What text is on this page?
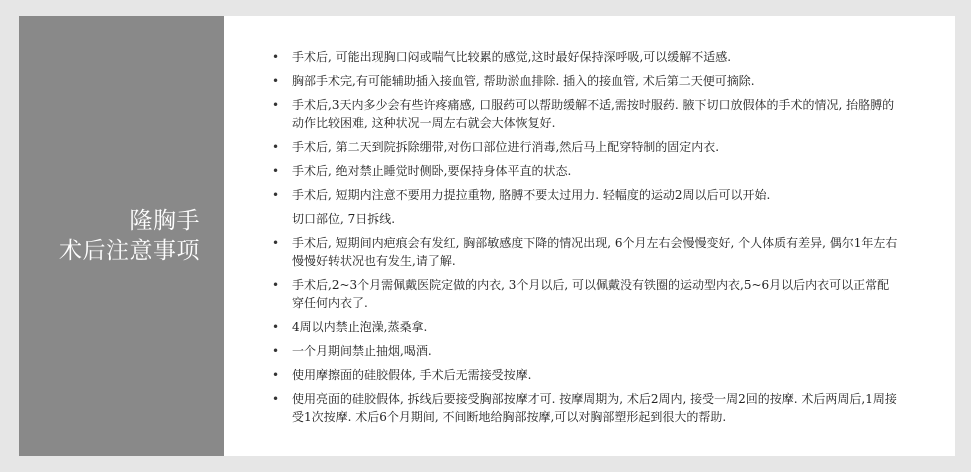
隆胸手
术后注意事项
• 手术后, 可能出现胸口闷或喘气比较累的感觉,这时最好保持深呼吸,可以缓解不适感.
• 胸部手术完,有可能辅助插入接血管, 帮助淤血排除. 插入的接血管, 术后第二天便可摘除.
• 手术后,3天内多少会有些许疼痛感, 口服药可以帮助缓解不适,需按时服药. 腋下切口放假体的手术的情况, 抬胳膊的动作比较困难, 这种状况一周左右就会大体恢复好.
• 手术后, 第二天到院拆除绷带,对伤口部位进行消毒,然后马上配穿特制的固定内衣.
• 手术后, 绝对禁止睡觉时侧卧,要保持身体平直的状态.
• 手术后, 短期内注意不要用力提拉重物, 胳膊不要太过用力. 轻幅度的运动2周以后可以开始.
切口部位, 7日拆线.
• 手术后, 短期间内疤痕会有发红, 胸部敏感度下降的情况出现, 6个月左右会慢慢变好, 个人体质有差异, 偶尔1年左右慢慢好转状况也有发生,请了解.
• 手术后,2~3个月需佩戴医院定做的内衣, 3个月以后, 可以佩戴没有铁圈的运动型内衣,5~6月以后内衣可以正常配穿任何内衣了.
• 4周以内禁止泡澡,蒸桑拿.
• 一个月期间禁止抽烟,喝酒.
• 使用摩擦面的硅胶假体, 手术后无需接受按摩.
• 使用亮面的硅胶假体, 拆线后要接受胸部按摩才可. 按摩周期为, 术后2周内, 接受一周2回的按摩. 术后两周后,1周接受1次按摩. 术后6个月期间, 不间断地给胸部按摩,可以对胸部塑形起到很大的帮助.
